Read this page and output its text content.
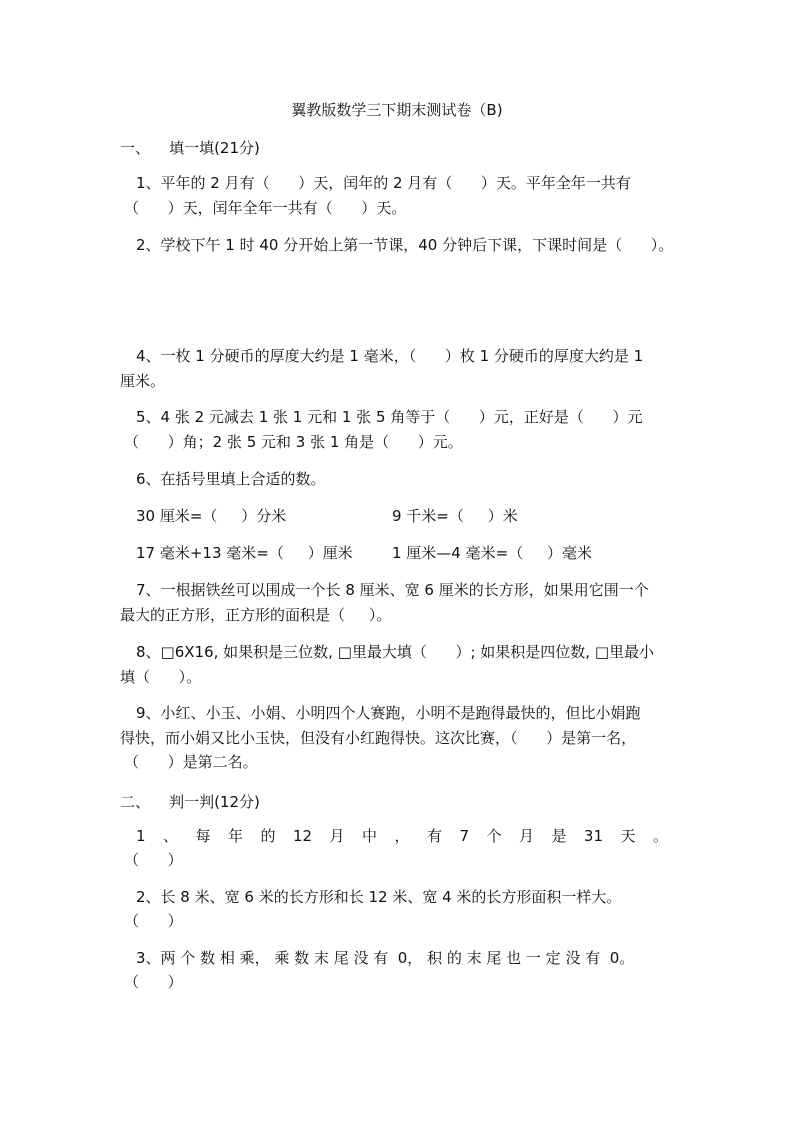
翼教版数学三下期末测试卷（B)
一、    填一填(21分)
1、平年的 2 月有（      ）天，闰年的 2 月有（      ）天。平年全年一共有
（      ）天，闰年全年一共有（      ）天。
2、学校下午 1 时 40 分开始上第一节课，40 分钟后下课，下课时间是（      ）。
4、一枚 1 分硬币的厚度大约是 1 毫米，（      ）枚 1 分硬币的厚度大约是 1
厘米。
5、4 张 2 元减去 1 张 1 元和 1 张 5 角等于（      ）元，正好是（      ）元
（      ）角；2 张 5 元和 3 张 1 角是（      ）元。
6、在括号里填上合适的数。
30 厘米=（     ）分米	9 千米=（     ）米
17 毫米+13 毫米=（     ）厘米	1 厘米—4 毫米=（     ）毫米
7、一根据铁丝可以围成一个长 8 厘米、宽 6 厘米的长方形，如果用它围一个
最大的正方形，正方形的面积是（     ）。
8、□6X16, 如果积是三位数, □里最大填（      ）; 如果积是四位数, □里最小
填（      ）。
9、小红、小玉、小娟、小明四个人赛跑，小明不是跑得最快的，但比小娟跑
得快，而小娟又比小玉快，但没有小红跑得快。这次比赛，（      ）是第一名，
（      ）是第二名。
二、    判一判(12分)
1 、 每 年 的 12 月 中 ， 有 7 个 月 是 31 天 。
（      ）
2、长 8 米、宽 6 米的长方形和长 12 米、宽 4 米的长方形面积一样大。
（      ）
3、两 个 数 相 乘， 乘 数 末 尾 没 有  0， 积 的 末 尾 也 一 定 没 有  0。
（      ）
